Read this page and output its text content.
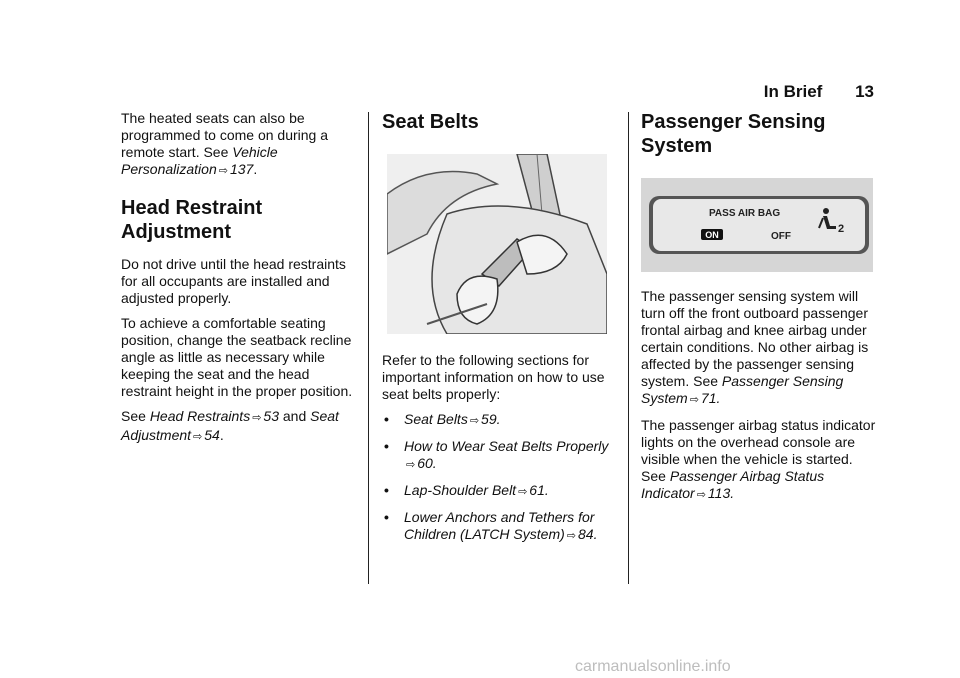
In Brief 13

The heated seats can also be programmed to come on during a remote start. See Vehicle Personalization ⇨ 137.

Head Restraint Adjustment

Do not drive until the head restraints for all occupants are installed and adjusted properly.

To achieve a comfortable seating position, change the seatback recline angle as little as necessary while keeping the seat and the head restraint height in the proper position.

See Head Restraints ⇨ 53 and Seat Adjustment ⇨ 54.

Seat Belts

Refer to the following sections for important information on how to use seat belts properly:

• Seat Belts ⇨ 59.
• How to Wear Seat Belts Properly
⇨ 60.
• Lap-Shoulder Belt ⇨ 61.
• Lower Anchors and Tethers for Children (LATCH System) ⇨ 84.
Passenger Sensing System
PASS AIR BAG
ON	OFF
2

The passenger sensing system will turn off the front outboard passenger frontal airbag and knee airbag under certain conditions. No other airbag is affected by the passenger sensing system. See Passenger Sensing System ⇨ 71.

The passenger airbag status indicator lights on the overhead console are visible when the vehicle is started. See Passenger Airbag Status Indicator ⇨ 113.

carmanualsonline.info
